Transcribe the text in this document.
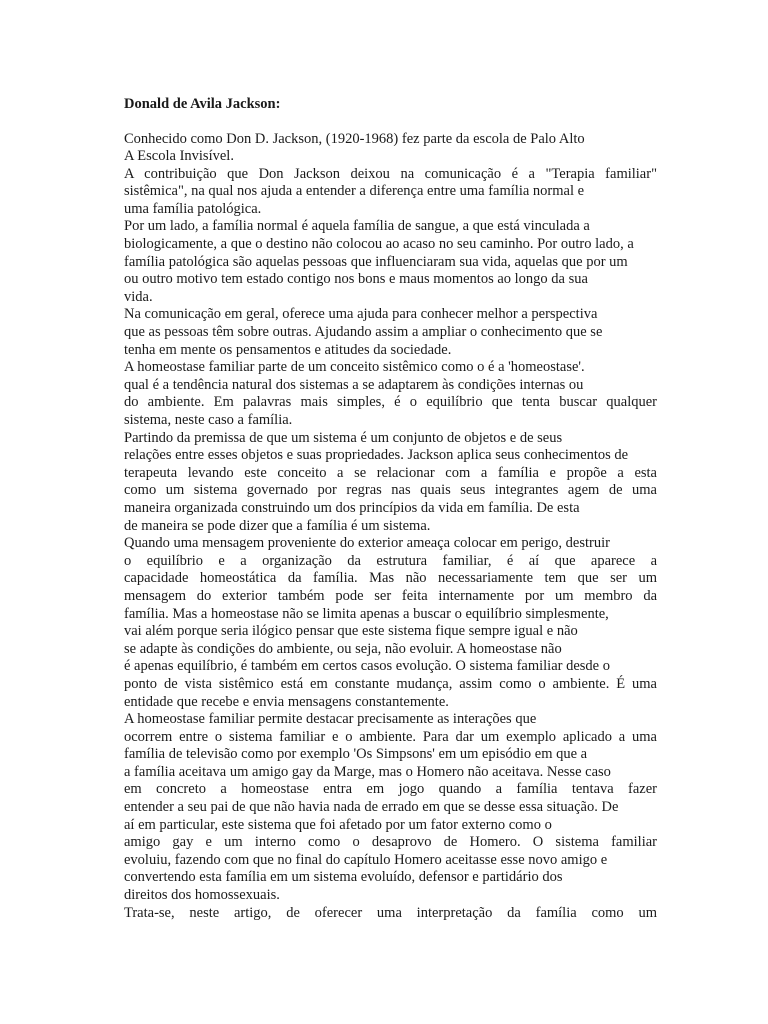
Donald de Avila Jackson:

Conhecido como Don D. Jackson, (1920-1968) fez parte da escola de Palo Alto

A Escola Invisível.

A contribuição que Don Jackson deixou na comunicação é a "Terapia familiar"

sistêmica", na qual nos ajuda a entender a diferença entre uma família normal e

uma família patológica.

Por um lado, a família normal é aquela família de sangue, a que está vinculada a

biologicamente, a que o destino não colocou ao acaso no seu caminho. Por outro lado, a

família patológica são aquelas pessoas que influenciaram sua vida, aquelas que por um

ou outro motivo tem estado contigo nos bons e maus momentos ao longo da sua

vida.

Na comunicação em geral, oferece uma ajuda para conhecer melhor a perspectiva

que as pessoas têm sobre outras. Ajudando assim a ampliar o conhecimento que se

tenha em mente os pensamentos e atitudes da sociedade.

A homeostase familiar parte de um conceito sistêmico como o é a 'homeostase'.

qual é a tendência natural dos sistemas a se adaptarem às condições internas ou

do ambiente. Em palavras mais simples, é o equilíbrio que tenta buscar qualquer

sistema, neste caso a família.

Partindo da premissa de que um sistema é um conjunto de objetos e de seus

relações entre esses objetos e suas propriedades. Jackson aplica seus conhecimentos de

terapeuta levando este conceito a se relacionar com a família e propõe a esta

como um sistema governado por regras nas quais seus integrantes agem de uma

maneira organizada construindo um dos princípios da vida em família. De esta

de maneira se pode dizer que a família é um sistema.

Quando uma mensagem proveniente do exterior ameaça colocar em perigo, destruir

o equilíbrio e a organização da estrutura familiar, é aí que aparece a

capacidade homeostática da família. Mas não necessariamente tem que ser um

mensagem do exterior também pode ser feita internamente por um membro da

família. Mas a homeostase não se limita apenas a buscar o equilíbrio simplesmente,

vai além porque seria ilógico pensar que este sistema fique sempre igual e não

se adapte às condições do ambiente, ou seja, não evoluir. A homeostase não

é apenas equilíbrio, é também em certos casos evolução. O sistema familiar desde o

ponto de vista sistêmico está em constante mudança, assim como o ambiente. É uma

entidade que recebe e envia mensagens constantemente.

A homeostase familiar permite destacar precisamente as interações que

ocorrem entre o sistema familiar e o ambiente. Para dar um exemplo aplicado a uma

família de televisão como por exemplo 'Os Simpsons' em um episódio em que a

a família aceitava um amigo gay da Marge, mas o Homero não aceitava. Nesse caso

em concreto a homeostase entra em jogo quando a família tentava fazer

entender a seu pai de que não havia nada de errado em que se desse essa situação. De

aí em particular, este sistema que foi afetado por um fator externo como o

amigo gay e um interno como o desaprovo de Homero. O sistema familiar

evoluiu, fazendo com que no final do capítulo Homero aceitasse esse novo amigo e

convertendo esta família em um sistema evoluído, defensor e partidário dos

direitos dos homossexuais.

Trata-se, neste artigo, de oferecer uma interpretação da família como um
